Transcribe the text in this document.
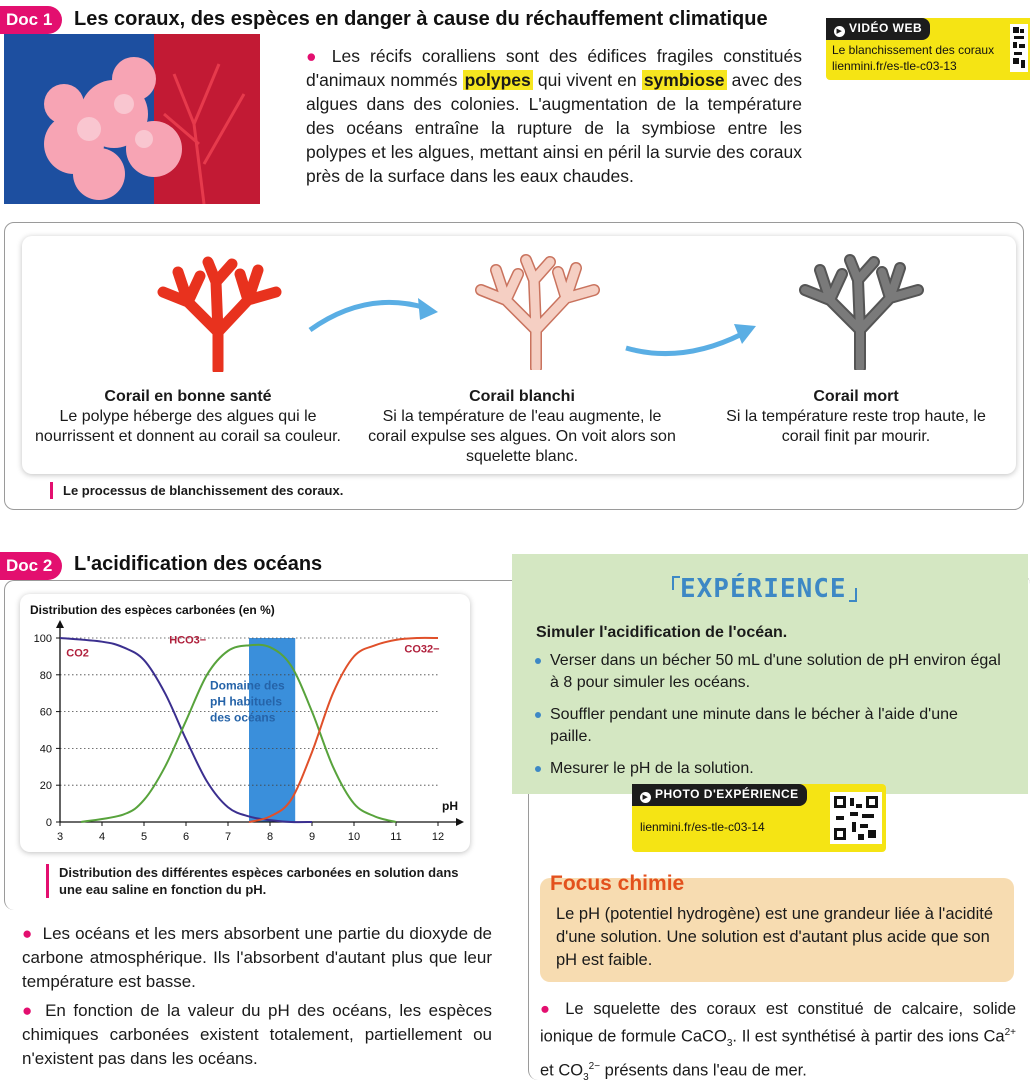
Doc 1	Les coraux, des espèces en danger à cause du réchauffement climatique
● Les récifs coralliens sont des édifices fragiles constitués d'animaux nommés polypes qui vivent en symbiose avec des algues dans des colonies. L'augmentation de la température des océans entraîne la rupture de la symbiose entre les polypes et les algues, mettant ainsi en péril la survie des coraux près de la surface dans les eaux chaudes.
▶ VIDÉO WEB
Le blanchissement des coraux
lienmini.fr/es-tle-c03-13
Corail en bonne santé
Le polype héberge des algues qui le nourrissent et donnent au corail sa couleur.
Corail blanchi
Si la température de l'eau augmente, le corail expulse ses algues. On voit alors son squelette blanc.
Corail mort
Si la température reste trop haute, le corail finit par mourir.
Le processus de blanchissement des coraux.
Doc 2	L'acidification des océans
Distribution des espèces carbonées (en %)
Domaine des
pH habituels
des océans
0
20
40
60
80
100
3	4	5	6	7	8	9	10	11	12
pH
CO2
HCO3−
CO32−
Distribution des différentes espèces carbonées en solution dans une eau saline en fonction du pH.
● Les océans et les mers absorbent une partie du dioxyde de carbone atmosphérique. Ils l'absorbent d'autant plus que leur température est basse.
● En fonction de la valeur du pH des océans, les espèces chimiques carbonées existent totalement, partiellement ou n'existent pas dans les océans.
EXPÉRIENCE
Simuler l'acidification de l'océan.
Verser dans un bécher 50 mL d'une solution de pH environ égal à 8 pour simuler les océans.
Souffler pendant une minute dans le bécher à l'aide d'une paille.
Mesurer le pH de la solution.
▶ PHOTO D'EXPÉRIENCE
lienmini.fr/es-tle-c03-14
Focus chimie
Le pH (potentiel hydrogène) est une grandeur liée à l'acidité d'une solution. Une solution est d'autant plus acide que son pH est faible.
● Le squelette des coraux est constitué de calcaire, solide ionique de formule CaCO$_3$. Il est synthétisé à partir des ions $Ca^{2+}$ et $CO_3^{2-}$ présents dans l'eau de mer.
